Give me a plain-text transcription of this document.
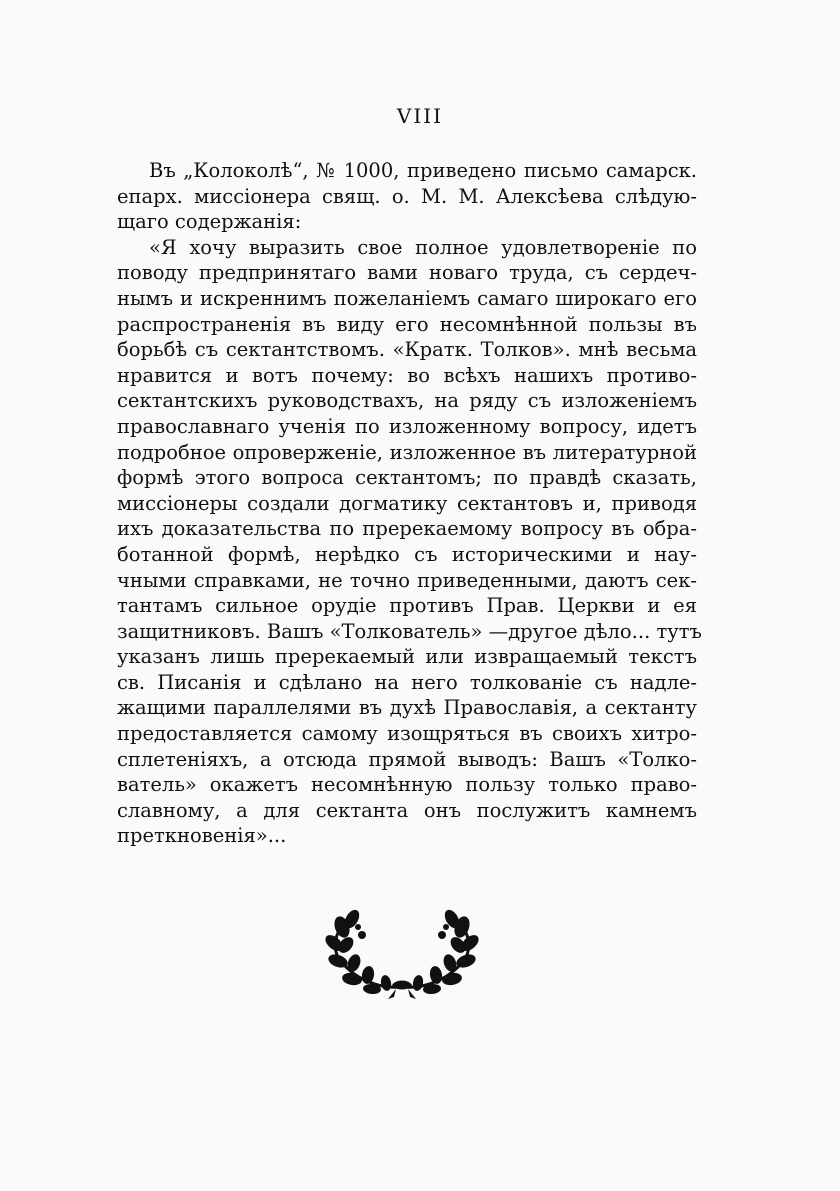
VIII
Въ „Колоколѣ“, № 1000, приведено письмо самарск.
епарх. миссіонера свящ. о. М. М. Алексѣева слѣдую-
щаго содержанія:
«Я хочу выразить свое полное удовлетвореніе по
поводу предпринятаго вами новаго труда, съ сердеч-
нымъ и искреннимъ пожеланіемъ самаго широкаго его
распространенія въ виду его несомнѣнной пользы въ
борьбѣ съ сектантствомъ. «Кратк. Толков». мнѣ весьма
нравится и вотъ почему: во всѣхъ нашихъ противо-
сектантскихъ руководствахъ, на ряду съ изложеніемъ
православнаго ученія по изложенному вопросу, идетъ
подробное опроверженіе, изложенное въ литературной
формѣ этого вопроса сектантомъ; по правдѣ сказать,
миссіонеры создали догматику сектантовъ и, приводя
ихъ доказательства по пререкаемому вопросу въ обра-
ботанной формѣ, нерѣдко съ историческими и нау-
чными справками, не точно приведенными, даютъ сек-
тантамъ сильное орудіе противъ Прав. Церкви и ея
защитниковъ. Вашъ «Толкователь» —другое дѣло... тутъ
указанъ лишь пререкаемый или извращаемый текстъ
св. Писанія и сдѣлано на него толкованіе съ надле-
жащими параллелями въ духѣ Православія, а сектанту
предоставляется самому изощряться въ своихъ хитро-
сплетеніяхъ, а отсюда прямой выводъ: Вашъ «Толко-
ватель» окажетъ несомнѣнную пользу только право-
славному, а для сектанта онъ послужитъ камнемъ
преткновенія»...
